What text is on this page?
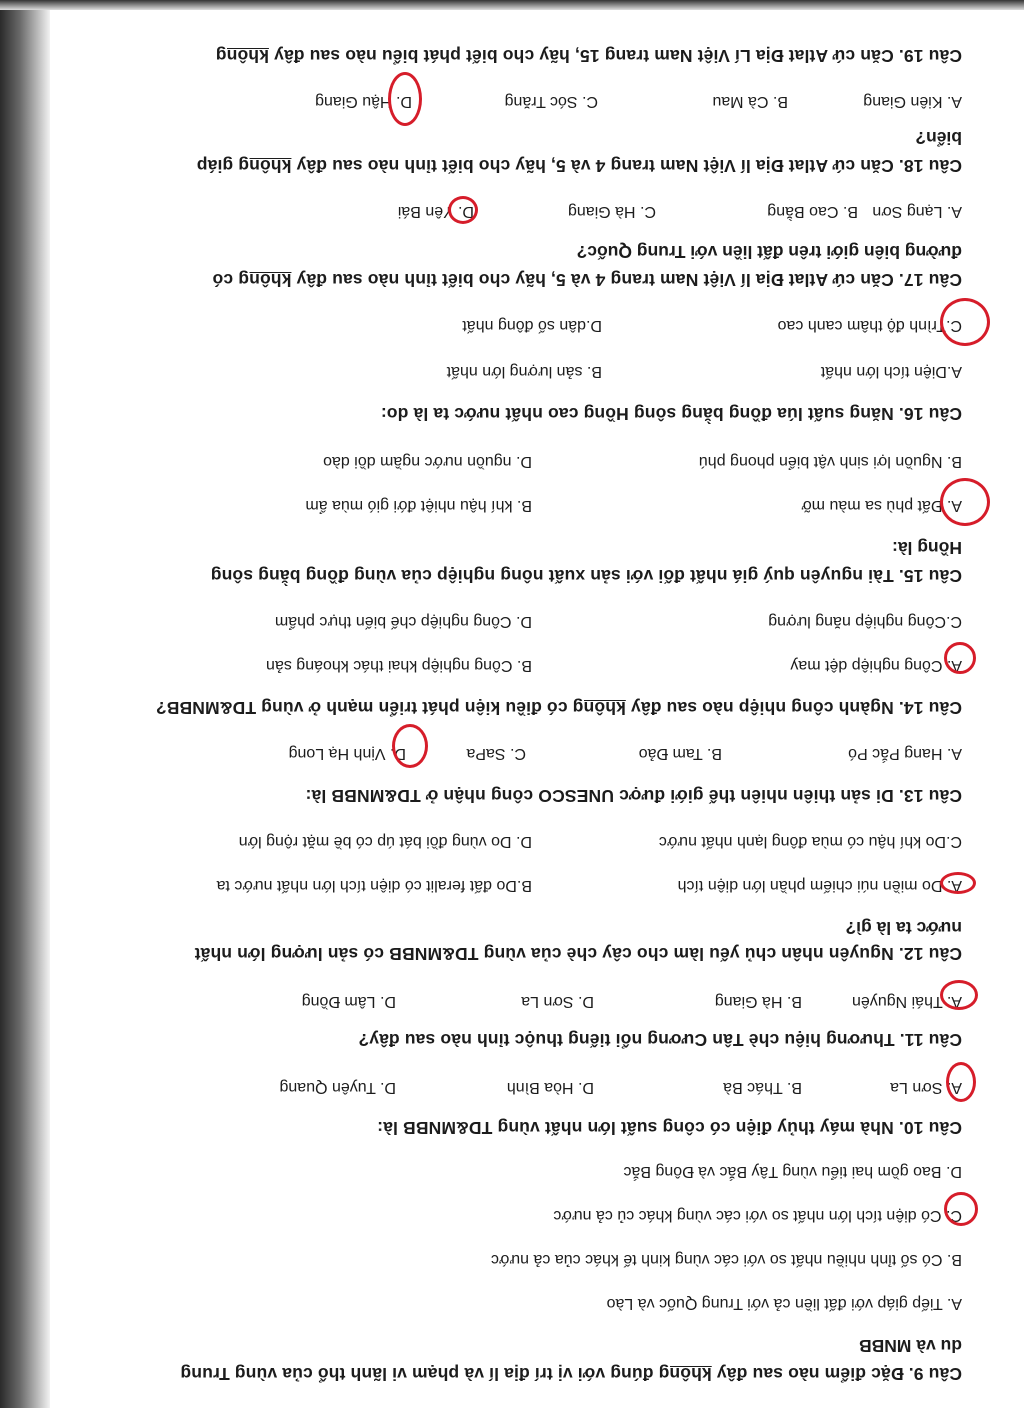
Câu 9. Đặc điểm nào sau đây không đúng với vị trí địa lí và phạm vi lãnh thổ của vùng Trung
du và MNBB
A. Tiếp giáp với đất liền cả với Trung Quốc và Lào
B. Có số tỉnh nhiều nhất so với các vùng kinh tế khác của cả nước
C. Có diện tích lớn nhất so với các vùng khác củ cả nước
D. Bao gồm hai tiểu vùng Tây Bắc và Đông Bắc
Câu 10. Nhà máy thủy điện có công suất lớn nhất vùng TD&MNBB là:
A. Sơn La
B. Thác Bà
D. Hòa Bình
D. Tuyên Quang
Câu 11. Thương hiệu chè Tân Cương nổi tiếng thuộc tỉnh nào sau đây?
A. Thái Nguyên
B. Hà Giang
D. Sơn La
D. Lâm Đồng
Câu 12. Nguyên nhân chủ yếu làm cho cây chè của vùng TD&MNBB có sản lượng lớn nhất
nước ta là gì?
A. Do miền núi chiếm phần lớn diện tích
B.Do đất feralit có diện tích lớn nhất nước ta
C.Do khí hậu có mùa đông lạnh nhất nước
D. Do vùng đồi bát úp có bề mặt rộng lớn
Câu 13. Di sản thiên nhiên thế giới được UNESCO công nhận ở TD&MNBB là:
A. Hang Pắc Pó
B. Tam Đảo
C. SaPa
D. Vịnh Hạ Long
Câu 14. Ngành công nhiệp nào sau đây không có điều kiện phát triển mạnh ở vùng TD&MNBB?
A. Công nghiệp dệt may
B. Công nghiệp khai thác khoáng sản
C.Công nghiệp năng lượng
D. Công nghiệp chế biến thực phẩm
Câu 15. Tài nguyên quý giá nhất đối với sản xuất nông nghiệp của vùng đồng bằng sông
Hồng là:
A. Đất phù sa màu mỡ
B. khí hậu nhiệt đới gió mùa ẩm
B. Nguồn lợi sinh vật biển phong phú
D. nguồn nước ngầm dồi dào
Câu 16. Năng suất lúa đồng bằng sông Hồng cao nhất nước ta là do:
A.Diện tích lớn nhất
B. sản lượng lớn nhất
C.Trình độ thâm canh cao
D.dân số đông nhất
Câu 17. Căn cứ Atlat Địa lí Việt Nam trang 4 và 5, hãy cho biết tỉnh nào sau đây không có
đường biên giới trên đất liền với Trung Quốc?
A. Lạng Sơn
B. Cao Bằng
C. Hà Giang
D. Yên Bái
Câu 18. Căn cứ Atlat Địa lí Việt Nam trang 4 và 5, hãy cho biết tỉnh nào sau đây không giáp
biển?
A. Kiên Giang
B. Cà Mau
C. Sóc Trăng
D. Hậu Giang
Câu 19. Căn cứ Atlat Địa Lí Việt Nam trang 15, hãy cho biết phát biểu nào sau đây không
